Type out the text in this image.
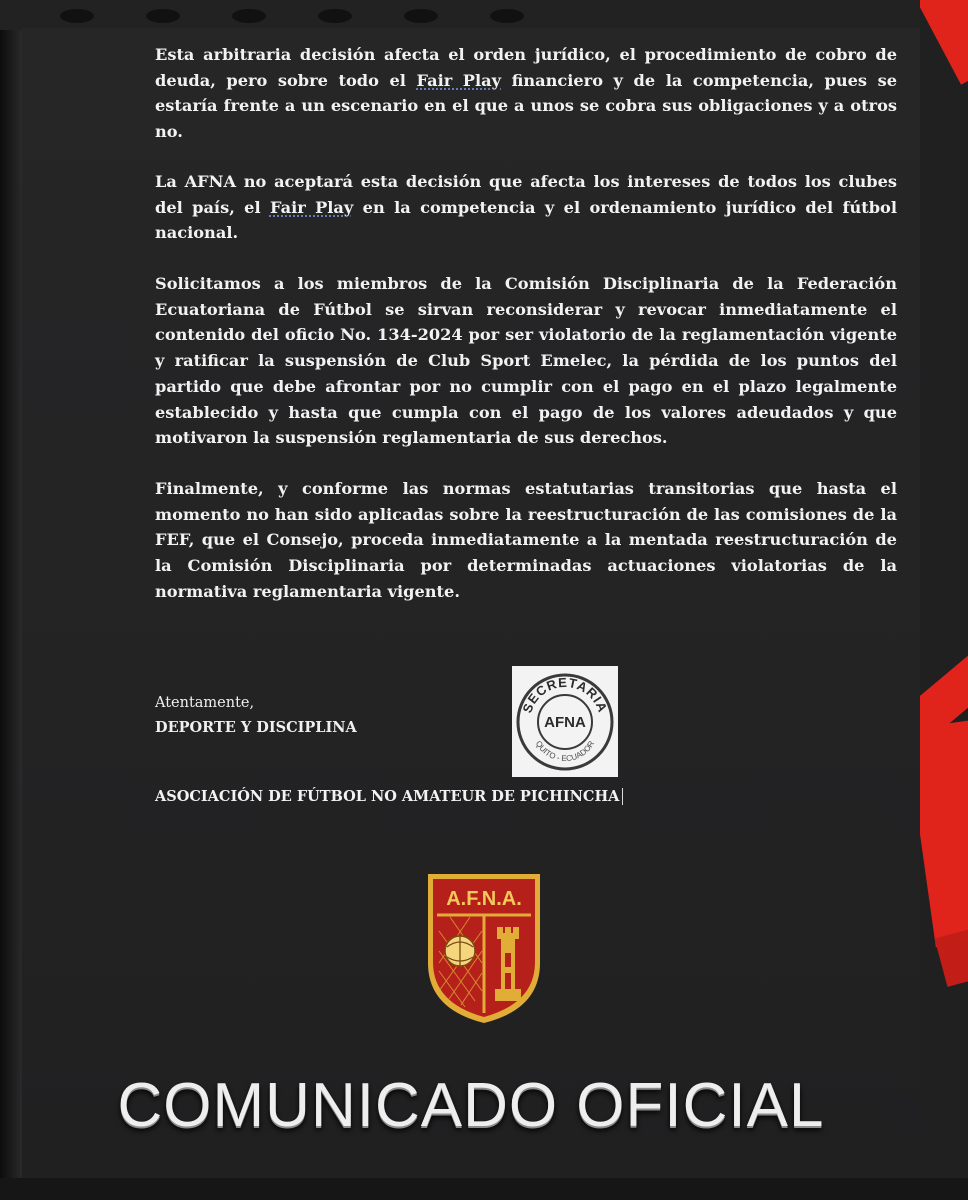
Esta arbitraria decisión afecta el orden jurídico, el procedimiento de cobro de deuda, pero sobre todo el Fair Play financiero y de la competencia, pues se estaría frente a un escenario en el que a unos se cobra sus obligaciones y a otros no.

La AFNA no aceptará esta decisión que afecta los intereses de todos los clubes del país, el Fair Play en la competencia y el ordenamiento jurídico del fútbol nacional.

Solicitamos a los miembros de la Comisión Disciplinaria de la Federación Ecuatoriana de Fútbol se sirvan reconsiderar y revocar inmediatamente el contenido del oficio No. 134-2024 por ser violatorio de la reglamentación vigente y ratificar la suspensión de Club Sport Emelec, la pérdida de los puntos del partido que debe afrontar por no cumplir con el pago en el plazo legalmente establecido y hasta que cumpla con el pago de los valores adeudados y que motivaron la suspensión reglamentaria de sus derechos.

Finalmente, y conforme las normas estatutarias transitorias que hasta el momento no han sido aplicadas sobre la reestructuración de las comisiones de la FEF, que el Consejo, proceda inmediatamente a la mentada reestructuración de la Comisión Disciplinaria por determinadas actuaciones violatorias de la normativa reglamentaria vigente.

Atentamente,

DEPORTE Y DISCIPLINA

SECRETARIA
AFNA
QUITO - ECUADOR

ASOCIACIÓN DE FÚTBOL NO AMATEUR DE PICHINCHA

A.F.N.A.

COMUNICADO OFICIAL
